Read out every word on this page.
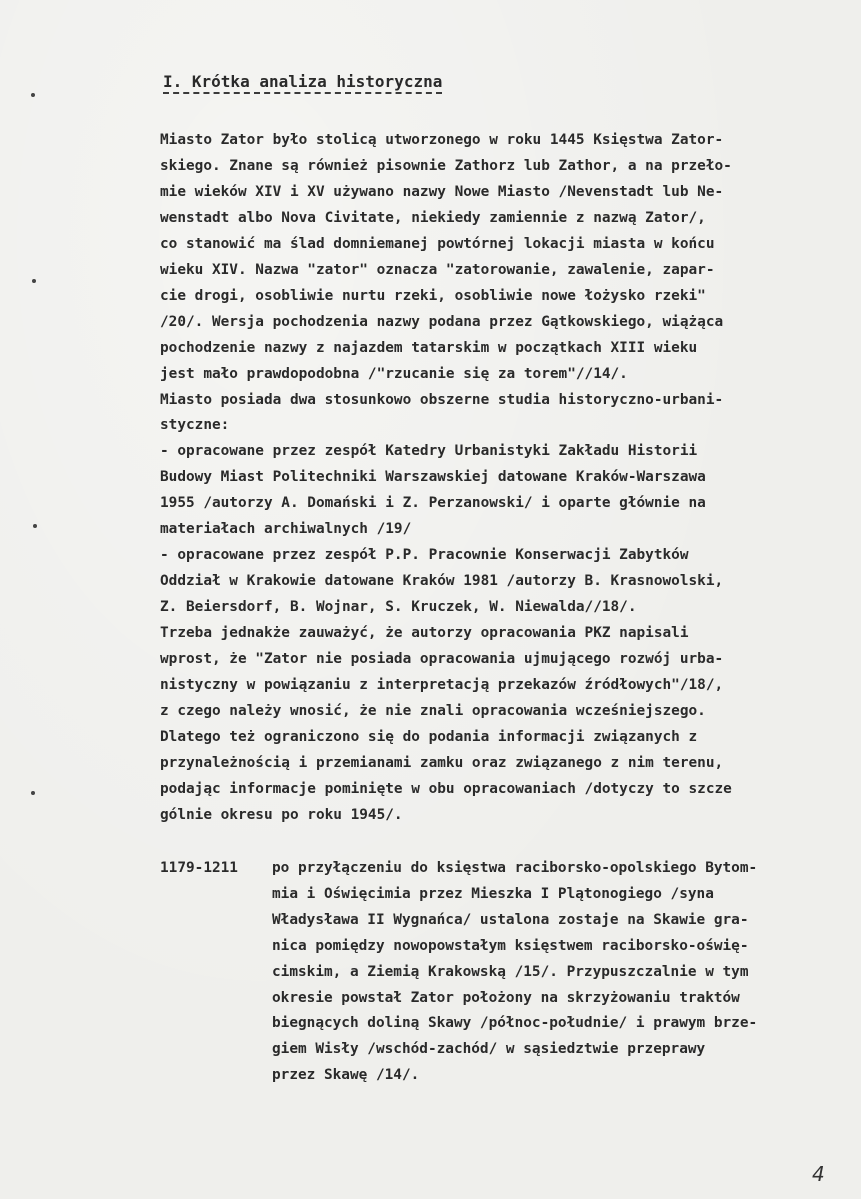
I. Krótka analiza historyczna
Miasto Zator było stolicą utworzonego w roku 1445 Księstwa Zator-
skiego. Znane są również pisownie Zathorz lub Zathor, a na przeło-
mie wieków XIV i XV używano nazwy Nowe Miasto /Nevenstadt lub Ne-
wenstadt albo Nova Civitate, niekiedy zamiennie z nazwą Zator/,
co stanowić ma ślad domniemanej powtórnej lokacji miasta w końcu
wieku XIV. Nazwa "zator" oznacza "zatorowanie, zawalenie, zapar-
cie drogi, osobliwie nurtu rzeki, osobliwie nowe łożysko rzeki"
/20/. Wersja pochodzenia nazwy podana przez Gątkowskiego, wiążąca
pochodzenie nazwy z najazdem tatarskim w początkach XIII wieku
jest mało prawdopodobna /"rzucanie się za torem"//14/.
Miasto posiada dwa stosunkowo obszerne studia historyczno-urbani-
styczne:
- opracowane przez zespół Katedry Urbanistyki Zakładu Historii
Budowy Miast Politechniki Warszawskiej datowane Kraków-Warszawa
1955 /autorzy A. Domański i Z. Perzanowski/ i oparte głównie na
materiałach archiwalnych /19/
- opracowane przez zespół P.P. Pracownie Konserwacji Zabytków
Oddział w Krakowie datowane Kraków 1981 /autorzy B. Krasnowolski,
Z. Beiersdorf, B. Wojnar, S. Kruczek, W. Niewalda//18/.
Trzeba jednakże zauważyć, że autorzy opracowania PKZ napisali
wprost, że "Zator nie posiada opracowania ujmującego rozwój urba-
nistyczny w powiązaniu z interpretacją przekazów źródłowych"/18/,
z czego należy wnosić, że nie znali opracowania wcześniejszego.
Dlatego też ograniczono się do podania informacji związanych z
przynależnością i przemianami zamku oraz związanego z nim terenu,
podając informacje pominięte w obu opracowaniach /dotyczy to szcze
gólnie okresu po roku 1945/.
1179-1211 po przyłączeniu do księstwa raciborsko-opolskiego Bytom-
mia i Oświęcimia przez Mieszka I Plątonogiego /syna
Władysława II Wygnańca/ ustalona zostaje na Skawie gra-
nica pomiędzy nowopowstałym księstwem raciborsko-oświę-
cimskim, a Ziemią Krakowską /15/. Przypuszczalnie w tym
okresie powstał Zator położony na skrzyżowaniu traktów
biegnących doliną Skawy /północ-południe/ i prawym brze-
giem Wisły /wschód-zachód/ w sąsiedztwie przeprawy
przez Skawę /14/.
4
